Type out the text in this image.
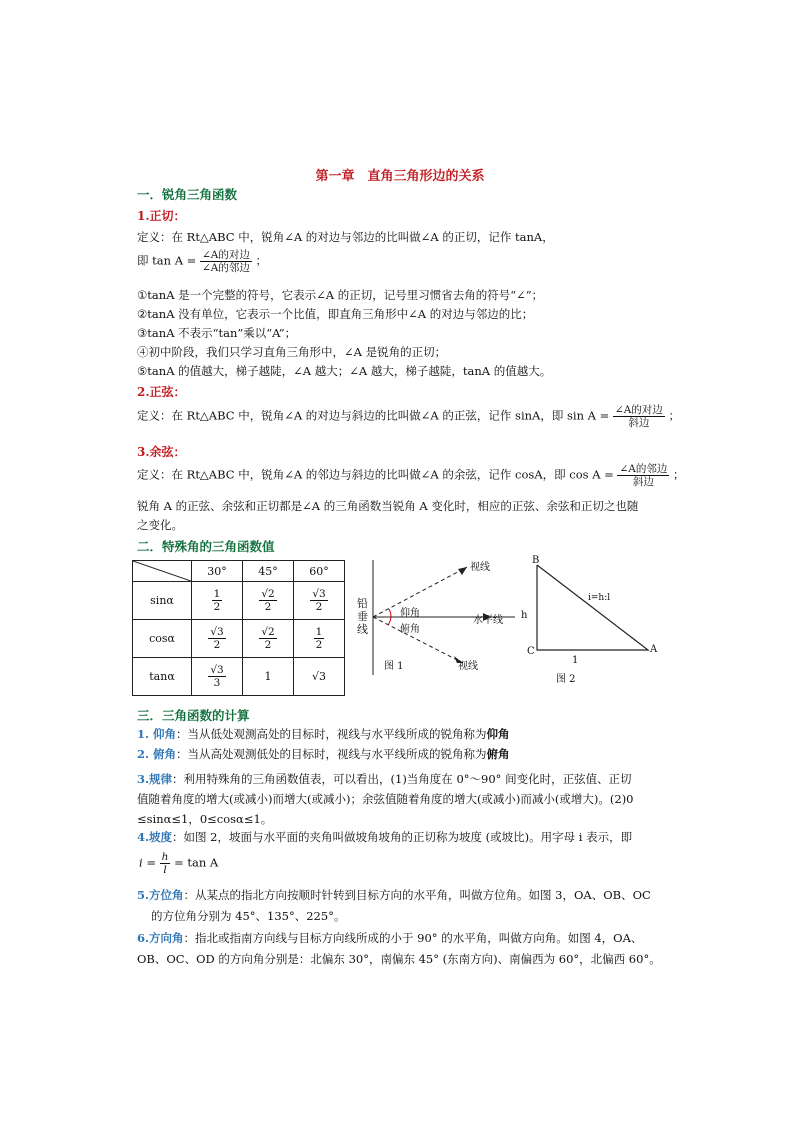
第一章　直角三角形边的关系
一．锐角三角函数
1.正切：
定义：在 Rt△ABC 中，锐角∠A 的对边与邻边的比叫做∠A 的正切，记作 tanA，
即 tan A = ∠A的对边
∠A的邻边
；
①tanA 是一个完整的符号，它表示∠A 的正切，记号里习惯省去角的符号“∠”；
②tanA 没有单位，它表示一个比值，即直角三角形中∠A 的对边与邻边的比；
③tanA 不表示“tan”乘以“A”；
④初中阶段，我们只学习直角三角形中，∠A 是锐角的正切；
⑤tanA 的值越大，梯子越陡，∠A 越大；∠A 越大，梯子越陡，tanA 的值越大。
2.正弦：
定义：在 Rt△ABC 中，锐角∠A 的对边与斜边的比叫做∠A 的正弦，记作 sinA，即 sin A = ∠A的对边
斜边
；
3.余弦：
定义：在 Rt△ABC 中，锐角∠A 的邻边与斜边的比叫做∠A 的余弦，记作 cosA，即 cos A = ∠A的邻边
斜边
；
锐角 A 的正弦、余弦和正切都是∠A 的三角函数当锐角 A 变化时，相应的正弦、余弦和正切之也随
之变化。
二．特殊角的三角函数值
	30°	45°	60°
sinα	$\frac{1}{2}$	$\frac{√2}{2}$	$\frac{√3}{2}$

cosα	$\frac{√3}{2}$	$\frac{√2}{2}$	$\frac{1}{2}$

tanα	$\frac{√3}{3}$	1	√3
铅垂线
视线
视线
仰角
俯角
水平线
图 1
B
C	A
h
1
i=h:l
图 2
三．三角函数的计算
1. 仰角：当从低处观测高处的目标时，视线与水平线所成的锐角称为仰角
2. 俯角：当从高处观测低处的目标时，视线与水平线所成的锐角称为俯角
3.规律：利用特殊角的三角函数值表，可以看出，(1)当角度在 0°～90° 间变化时，正弦值、正切
值随着角度的增大(或减小)而增大(或减小)；余弦值随着角度的增大(或减小)而减小(或增大)。(2)0
≤sinα≤1，0≤cosα≤1。
4.坡度：如图 2，坡面与水平面的夹角叫做坡角坡角的正切称为坡度 (或坡比)。用字母 i 表示，即
$i = \frac{h}{l} = \tan A$
5.方位角：从某点的指北方向按顺时针转到目标方向的水平角，叫做方位角。如图 3，OA、OB、OC
的方位角分别为 45°、135°、225°。
6.方向角：指北或指南方向线与目标方向线所成的小于 90° 的水平角，叫做方向角。如图 4，OA、
OB、OC、OD 的方向角分别是：北偏东 30°，南偏东 45° (东南方向)、南偏西为 60°，北偏西 60°。
